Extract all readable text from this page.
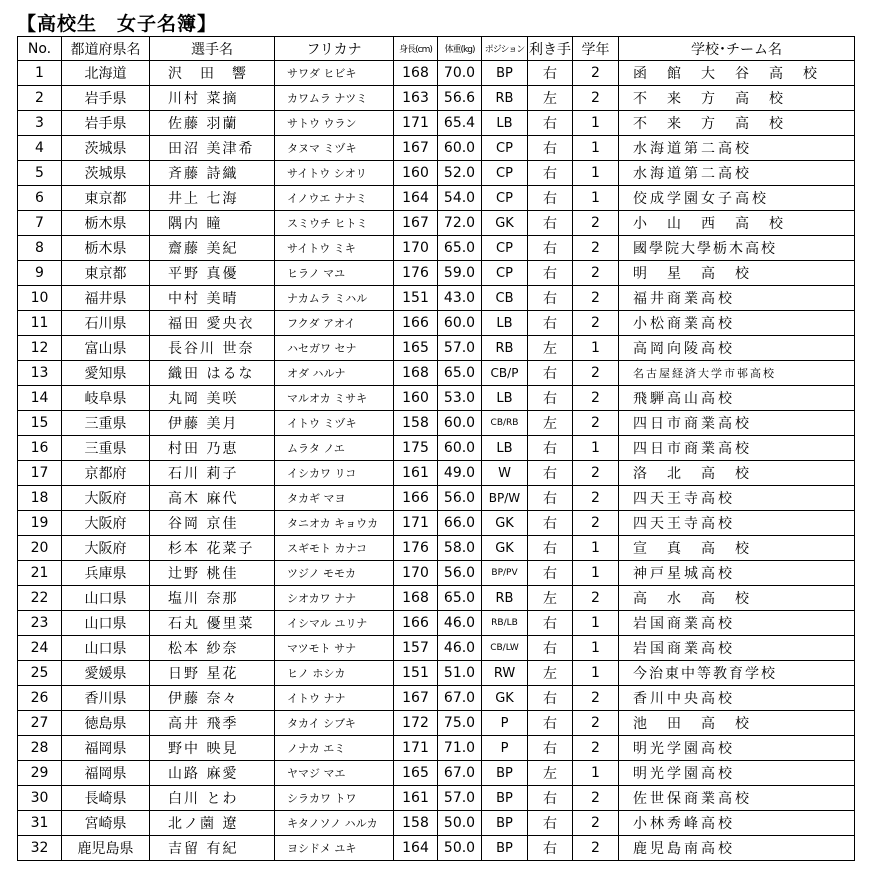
【高校生　女子名簿】
No.	都道府県名	選手名	フリカナ	身長(cm)	体重(kg)	ポジション	利き手	学年	学校･チーム名
1	北海道	沢　田　響	サワダ ヒビキ	168	70.0	BP	右	2	函　館　大　谷　高　校
2	岩手県	川村 菜摘	カワムラ ナツミ	163	56.6	RB	左	2	不　来　方　高　校
3	岩手県	佐藤 羽蘭	サトウ ウラン	171	65.4	LB	右	1	不　来　方　高　校
4	茨城県	田沼 美津希	タヌマ ミヅキ	167	60.0	CP	右	1	水海道第二高校
5	茨城県	斉藤 詩織	サイトウ シオリ	160	52.0	CP	右	1	水海道第二高校
6	東京都	井上 七海	イノウエ ナナミ	164	54.0	CP	右	1	佼成学園女子高校
7	栃木県	隅内 瞳	スミウチ ヒトミ	167	72.0	GK	右	2	小　山　西　高　校
8	栃木県	齋藤 美紀	サイトウ ミキ	170	65.0	CP	右	2	國學院大學栃木高校
9	東京都	平野 真優	ヒラノ マユ	176	59.0	CP	右	2	明　星　高　校
10	福井県	中村 美晴	ナカムラ ミハル	151	43.0	CB	右	2	福井商業高校
11	石川県	福田 愛央衣	フクダ アオイ	166	60.0	LB	右	2	小松商業高校
12	富山県	長谷川 世奈	ハセガワ セナ	165	57.0	RB	左	1	高岡向陵高校
13	愛知県	織田 はるな	オダ ハルナ	168	65.0	CB/P	右	2	名古屋経済大学市邨高校
14	岐阜県	丸岡 美咲	マルオカ ミサキ	160	53.0	LB	右	2	飛騨高山高校
15	三重県	伊藤 美月	イトウ ミヅキ	158	60.0	CB/RB	左	2	四日市商業高校
16	三重県	村田 乃恵	ムラタ ノエ	175	60.0	LB	右	1	四日市商業高校
17	京都府	石川 莉子	イシカワ リコ	161	49.0	W	右	2	洛　北　高　校
18	大阪府	高木 麻代	タカギ マヨ	166	56.0	BP/W	右	2	四天王寺高校
19	大阪府	谷岡 京佳	タニオカ キョウカ	171	66.0	GK	右	2	四天王寺高校
20	大阪府	杉本 花菜子	スギモト カナコ	176	58.0	GK	右	1	宣　真　高　校
21	兵庫県	辻野 桃佳	ツジノ モモカ	170	56.0	BP/PV	右	1	神戸星城高校
22	山口県	塩川 奈那	シオカワ ナナ	168	65.0	RB	左	2	高　水　高　校
23	山口県	石丸 優里菜	イシマル ユリナ	166	46.0	RB/LB	右	1	岩国商業高校
24	山口県	松本 紗奈	マツモト サナ	157	46.0	CB/LW	右	1	岩国商業高校
25	愛媛県	日野 星花	ヒノ ホシカ	151	51.0	RW	左	1	今治東中等教育学校
26	香川県	伊藤 奈々	イトウ ナナ	167	67.0	GK	右	2	香川中央高校
27	徳島県	高井 飛季	タカイ シブキ	172	75.0	P	右	2	池　田　高　校
28	福岡県	野中 映見	ノナカ エミ	171	71.0	P	右	2	明光学園高校
29	福岡県	山路 麻愛	ヤマジ マエ	165	67.0	BP	左	1	明光学園高校
30	長崎県	白川 とわ	シラカワ トワ	161	57.0	BP	右	2	佐世保商業高校
31	宮崎県	北ノ薗 遼	キタノソノ ハルカ	158	50.0	BP	右	2	小林秀峰高校
32	鹿児島県	吉留 有紀	ヨシドメ ユキ	164	50.0	BP	右	2	鹿児島南高校
